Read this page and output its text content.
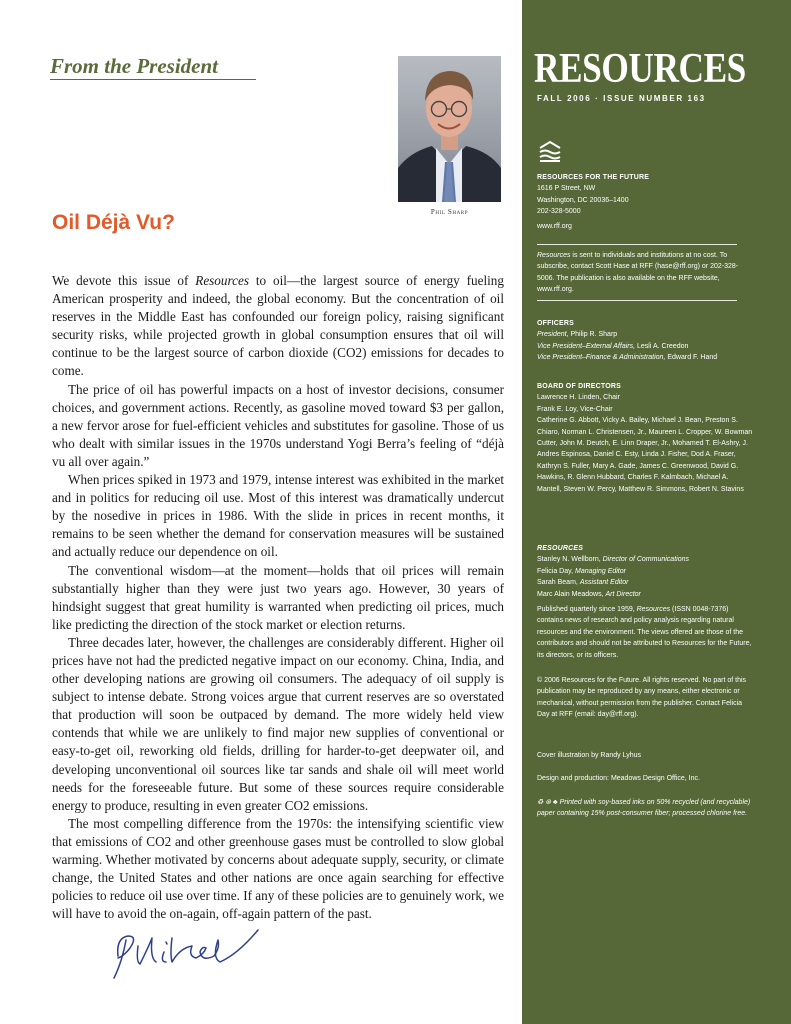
From the President
Phil Sharp
Oil Déjà Vu?

We devote this issue of Resources to oil—the largest source of energy fueling American prosperity and indeed, the global economy. But the concentration of oil reserves in the Middle East has confounded our foreign policy, raising significant security risks, while projected growth in global consumption ensures that oil will continue to be the largest source of carbon dioxide (CO2) emissions for decades to come.

The price of oil has powerful impacts on a host of investor decisions, consumer choices, and government actions. Recently, as gasoline moved toward $3 per gallon, a new fervor arose for fuel-efficient vehicles and substitutes for gasoline. Those of us who dealt with similar issues in the 1970s understand Yogi Berra’s feeling of “déjà vu all over again.”

When prices spiked in 1973 and 1979, intense interest was exhibited in the market and in politics for reducing oil use. Most of this interest was dramatically undercut by the nosedive in prices in 1986. With the slide in prices in recent months, it remains to be seen whether the demand for conservation measures will be sustained and actually reduce our dependence on oil.

The conventional wisdom—at the moment—holds that oil prices will remain substantially higher than they were just two years ago. However, 30 years of hindsight suggest that great humility is warranted when predicting oil prices, much like predicting the direction of the stock market or election returns.

Three decades later, however, the challenges are considerably different. Higher oil prices have not had the predicted negative impact on our economy. China, India, and other developing nations are growing oil consumers. The adequacy of oil supply is subject to intense debate. Strong voices argue that current reserves are so overstated that production will soon be outpaced by demand. The more widely held view contends that while we are unlikely to find major new supplies of conventional or easy-to-get oil, reworking old fields, drilling for harder-to-get deepwater oil, and developing unconventional oil sources like tar sands and shale oil will meet world needs for the foreseeable future. But some of these sources require considerable energy to produce, resulting in even greater CO2 emissions.

The most compelling difference from the 1970s: the intensifying scientific view that emissions of CO2 and other greenhouse gases must be controlled to slow global warming. Whether motivated by concerns about adequate supply, security, or climate change, the United States and other nations are once again searching for effective policies to reduce oil use over time. If any of these policies are to genuinely work, we will have to avoid the on-again, off-again pattern of the past.

RESOURCES
FALL 2006 · ISSUE NUMBER 163
RESOURCES FOR THE FUTURE
1616 P Street, NW
Washington, DC 20036–1400
202-328-5000
www.rff.org

Resources is sent to individuals and institutions at no cost. To subscribe, contact Scott Hase at RFF (hase@rff.org) or 202-328-5006. The publication is also available on the RFF website, www.rff.org.

OFFICERS
President, Philip R. Sharp
Vice President–External Affairs, Lesli A. Creedon
Vice President–Finance & Administration, Edward F. Hand
BOARD OF DIRECTORS
Lawrence H. Linden, Chair
Frank E. Loy, Vice-Chair
Catherine G. Abbott, Vicky A. Bailey, Michael J. Bean, Preston S. Chiaro, Norman L. Christensen, Jr., Maureen L. Cropper, W. Bowman Cutter, John M. Deutch, E. Linn Draper, Jr., Mohamed T. El-Ashry, J. Andres Espinosa, Daniel C. Esty, Linda J. Fisher, Dod A. Fraser, Kathryn S. Fuller, Mary A. Gade, James C. Greenwood, David G. Hawkins, R. Glenn Hubbard, Charles F. Kalmbach, Michael A. Mantell, Steven W. Percy, Matthew R. Simmons, Robert N. Stavins
RESOURCES
Stanley N. Wellborn, Director of Communications
Felicia Day, Managing Editor
Sarah Beam, Assistant Editor
Marc Alain Meadows, Art Director

Published quarterly since 1959, Resources (ISSN 0048-7376) contains news of research and policy analysis regarding natural resources and the environment. The views offered are those of the contributors and should not be attributed to Resources for the Future, its directors, or its officers.

© 2006 Resources for the Future. All rights reserved. No part of this publication may be reproduced by any means, either electronic or mechanical, without permission from the publisher. Contact Felicia Day at RFF (email: day@rff.org).

Cover illustration by Randy Lyhus
Design and production: Meadows Design Office, Inc.
♻ ⊛ ♣ Printed with soy-based inks on 50% recycled (and recyclable) paper containing 15% post-consumer fiber; processed chlorine free.
